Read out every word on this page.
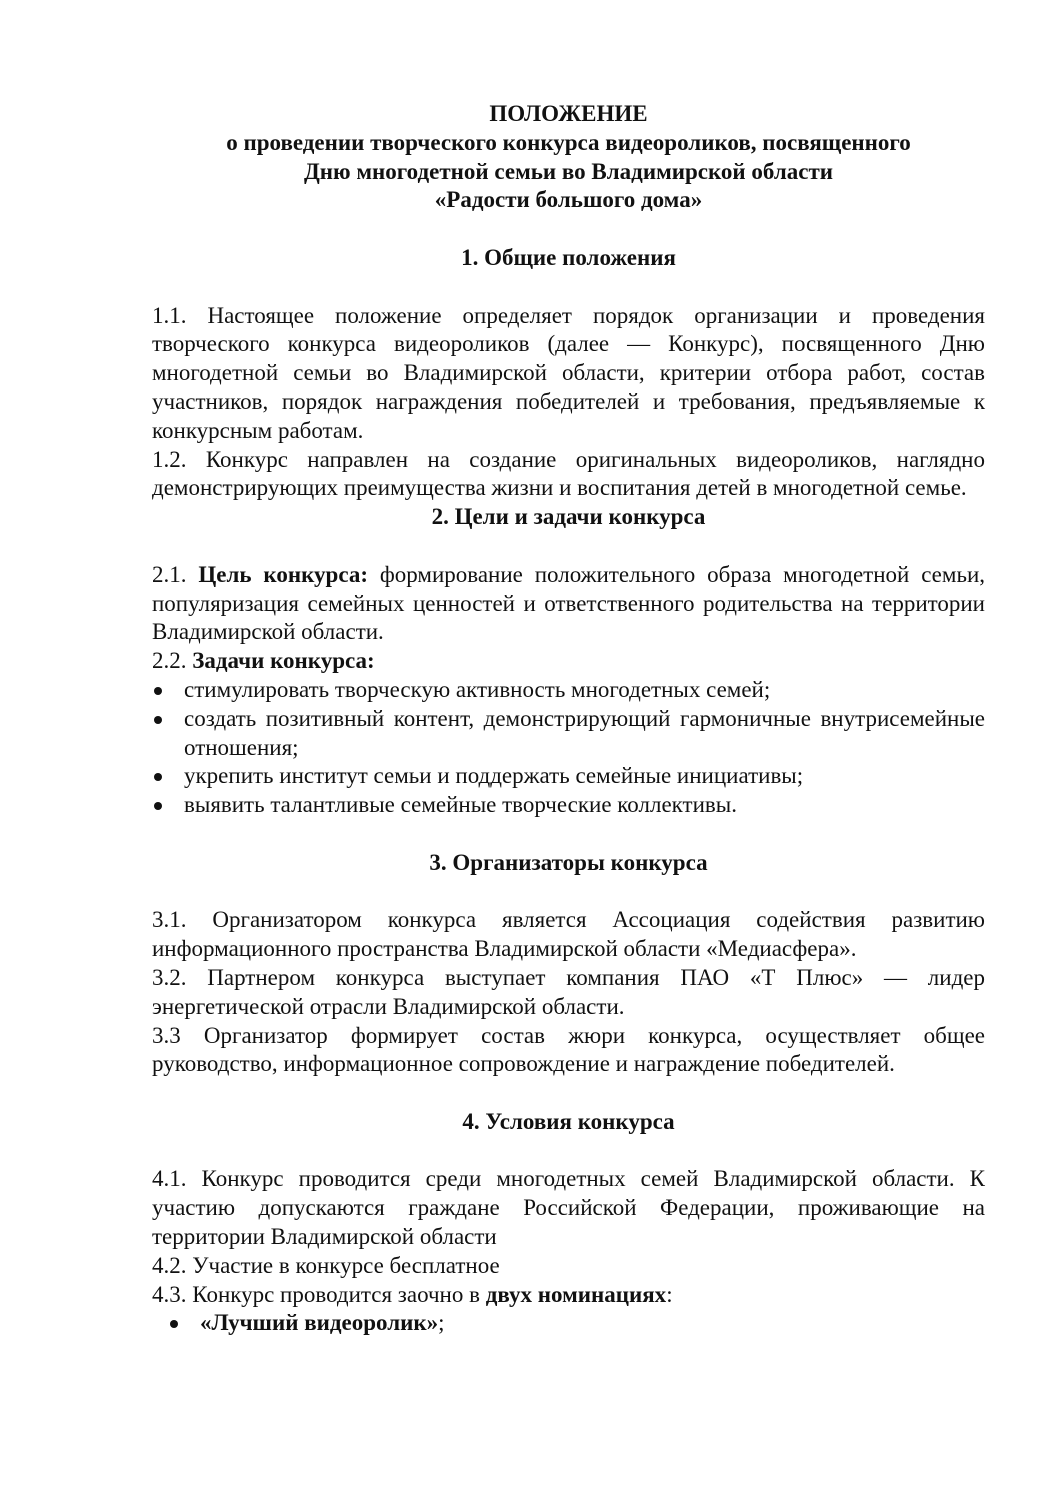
ПОЛОЖЕНИЕ
о проведении творческого конкурса видеороликов, посвященного
Дню многодетной семьи во Владимирской области
«Радости большого дома»

1. Общие положения

1.1. Настоящее положение определяет порядок организации и проведения творческого конкурса видеороликов (далее — Конкурс), посвященного Дню многодетной семьи во Владимирской области, критерии отбора работ, состав участников, порядок награждения победителей и требования, предъявляемые к конкурсным работам.

1.2. Конкурс направлен на создание оригинальных видеороликов, наглядно демонстрирующих преимущества жизни и воспитания детей в многодетной семье.

2. Цели и задачи конкурса

2.1. Цель конкурса: формирование положительного образа многодетной семьи, популяризация семейных ценностей и ответственного родительства на территории Владимирской области.

2.2. Задачи конкурса:

стимулировать творческую активность многодетных семей;
создать позитивный контент, демонстрирующий гармоничные внутрисемейные отношения;
укрепить институт семьи и поддержать семейные инициативы;
выявить талантливые семейные творческие коллективы.

3. Организаторы конкурса

3.1. Организатором конкурса является Ассоциация содействия развитию информационного пространства Владимирской области «Медиасфера».

3.2. Партнером конкурса выступает компания ПАО «Т Плюс» — лидер энергетической отрасли Владимирской области.

3.3 Организатор формирует состав жюри конкурса, осуществляет общее руководство, информационное сопровождение и награждение победителей.

4. Условия конкурса

4.1. Конкурс проводится среди многодетных семей Владимирской области. К участию допускаются граждане Российской Федерации, проживающие на территории Владимирской области

4.2. Участие в конкурсе бесплатное

4.3. Конкурс проводится заочно в двух номинациях:

«Лучший видеоролик»;
